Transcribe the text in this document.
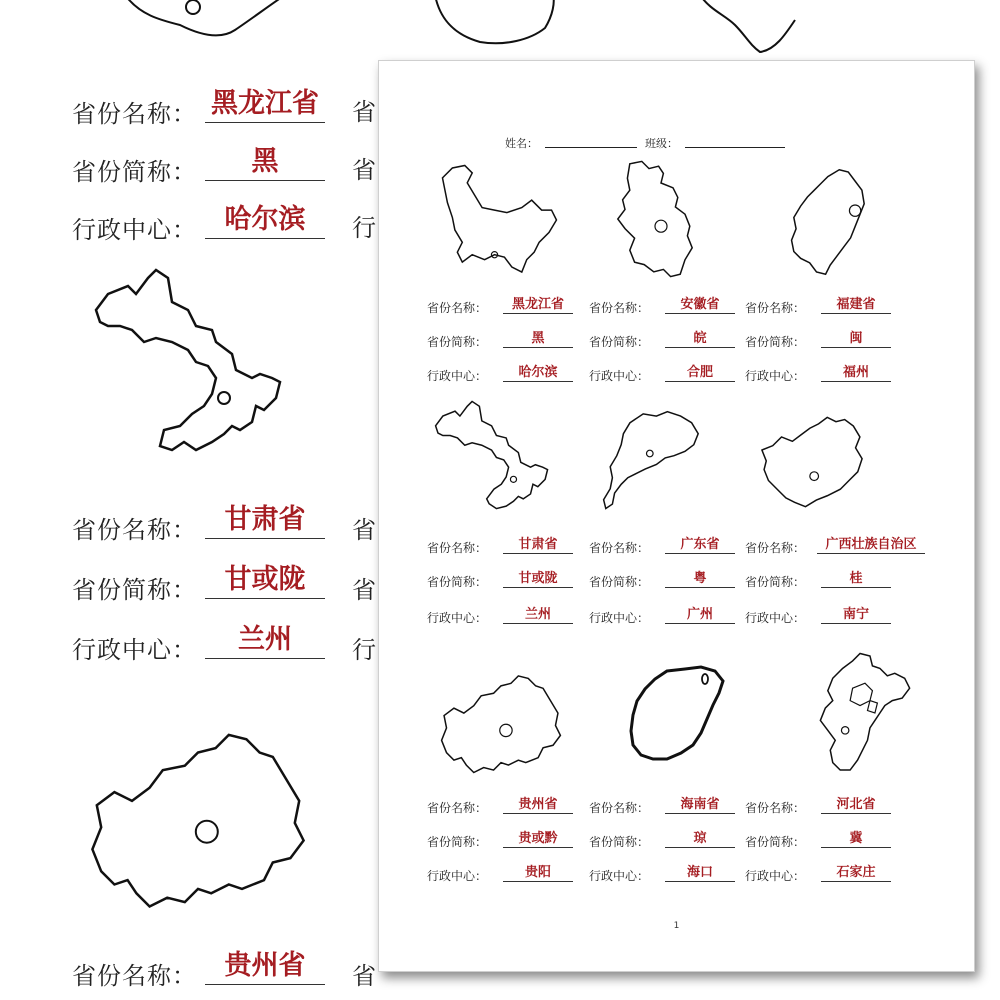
省份名称： 黑龙江省
省份简称：	黑
行政中心：	哈尔滨
省
省
行
省份名称：	甘肃省
省份简称：	甘或陇
行政中心：	兰州
省
省
行
省份名称：	贵州省	省
姓名：	班级：
省份名称：	黑龙江省
省份简称：	黑
行政中心：	哈尔滨
省份名称：	安徽省
省份简称：	皖
行政中心：	合肥
省份名称：	福建省
省份简称：	闽
行政中心：	福州
省份名称：	甘肃省
省份简称：	甘或陇
行政中心：	兰州
省份名称：	广东省
省份简称：	粤
行政中心：	广州
省份名称：	广西壮族自治区
省份简称：	桂
行政中心：	南宁
省份名称：	贵州省
省份简称：	贵或黔
行政中心：	贵阳
省份名称：	海南省
省份简称：	琼
行政中心：	海口
省份名称：	河北省
省份简称：	冀
行政中心：	石家庄
1
